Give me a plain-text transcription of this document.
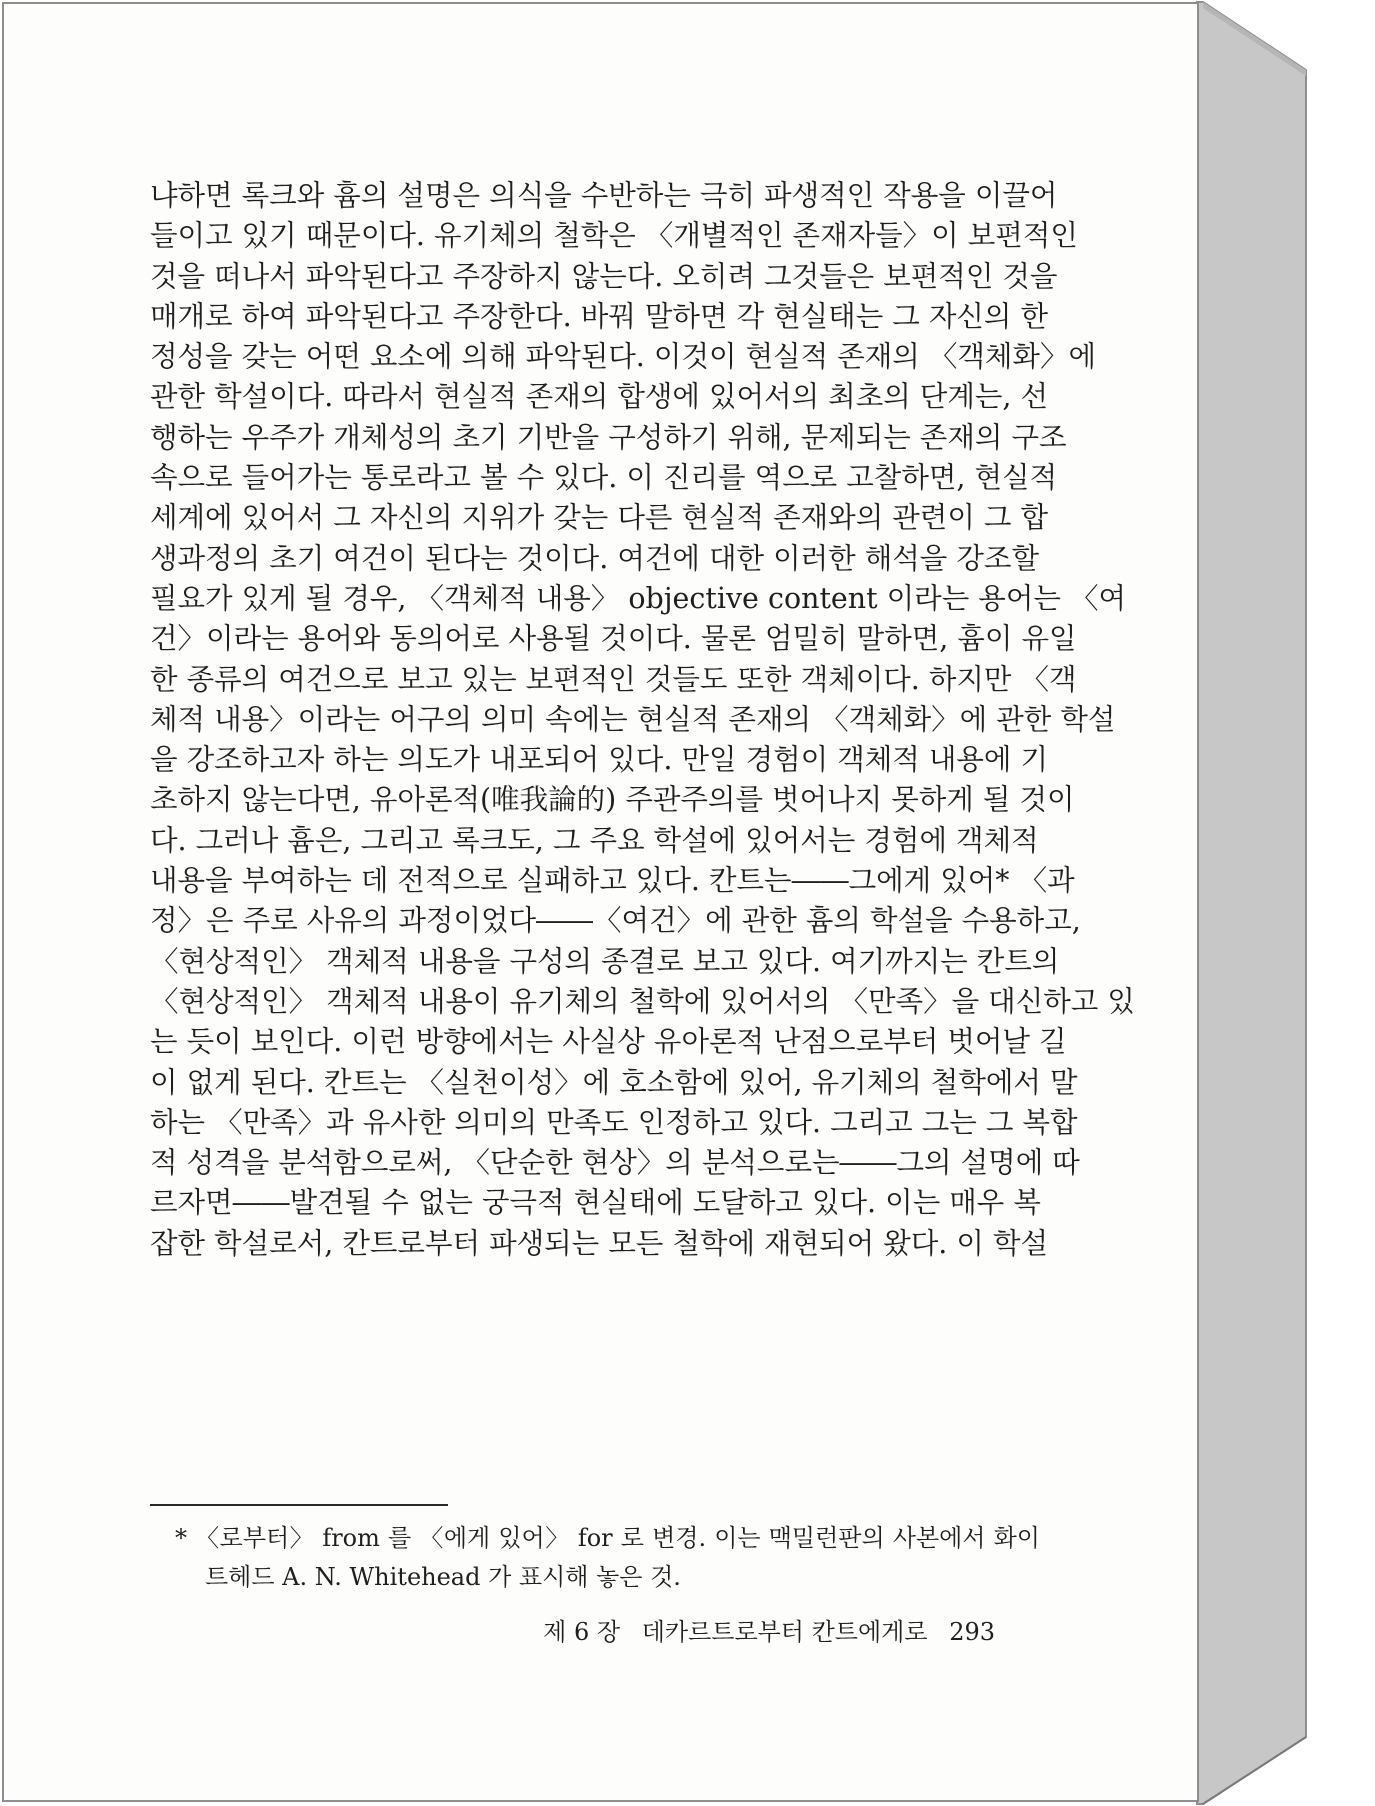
냐하면 록크와 흄의 설명은 의식을 수반하는 극히 파생적인 작용을 이끌어
들이고 있기 때문이다. 유기체의 철학은 〈개별적인 존재자들〉이 보편적인
것을 떠나서 파악된다고 주장하지 않는다. 오히려 그것들은 보편적인 것을
매개로 하여 파악된다고 주장한다. 바꿔 말하면 각 현실태는 그 자신의 한
정성을 갖는 어떤 요소에 의해 파악된다. 이것이 현실적 존재의 〈객체화〉에
관한 학설이다. 따라서 현실적 존재의 합생에 있어서의 최초의 단계는, 선
행하는 우주가 개체성의 초기 기반을 구성하기 위해, 문제되는 존재의 구조
속으로 들어가는 통로라고 볼 수 있다. 이 진리를 역으로 고찰하면, 현실적
세계에 있어서 그 자신의 지위가 갖는 다른 현실적 존재와의 관련이 그 합
생과정의 초기 여건이 된다는 것이다. 여건에 대한 이러한 해석을 강조할
필요가 있게 될 경우, 〈객체적 내용〉 objective content 이라는 용어는 〈여
건〉이라는 용어와 동의어로 사용될 것이다. 물론 엄밀히 말하면, 흄이 유일
한 종류의 여건으로 보고 있는 보편적인 것들도 또한 객체이다. 하지만 〈객
체적 내용〉이라는 어구의 의미 속에는 현실적 존재의 〈객체화〉에 관한 학설
을 강조하고자 하는 의도가 내포되어 있다. 만일 경험이 객체적 내용에 기
초하지 않는다면, 유아론적(唯我論的) 주관주의를 벗어나지 못하게 될 것이
다. 그러나 흄은, 그리고 록크도, 그 주요 학설에 있어서는 경험에 객체적
내용을 부여하는 데 전적으로 실패하고 있다. 칸트는――그에게 있어* 〈과
정〉은 주로 사유의 과정이었다――〈여건〉에 관한 흄의 학설을 수용하고,
〈현상적인〉 객체적 내용을 구성의 종결로 보고 있다. 여기까지는 칸트의
〈현상적인〉 객체적 내용이 유기체의 철학에 있어서의 〈만족〉을 대신하고 있
는 듯이 보인다. 이런 방향에서는 사실상 유아론적 난점으로부터 벗어날 길
이 없게 된다. 칸트는 〈실천이성〉에 호소함에 있어, 유기체의 철학에서 말
하는 〈만족〉과 유사한 의미의 만족도 인정하고 있다. 그리고 그는 그 복합
적 성격을 분석함으로써, 〈단순한 현상〉의 분석으로는――그의 설명에 따
르자면――발견될 수 없는 궁극적 현실태에 도달하고 있다. 이는 매우 복
잡한 학설로서, 칸트로부터 파생되는 모든 철학에 재현되어 왔다. 이 학설
* 〈로부터〉 from 를 〈에게 있어〉 for 로 변경. 이는 맥밀런판의 사본에서 화이
트헤드 A. N. Whitehead 가 표시해 놓은 것.
제 6 장 데카르트로부터 칸트에게로 293
